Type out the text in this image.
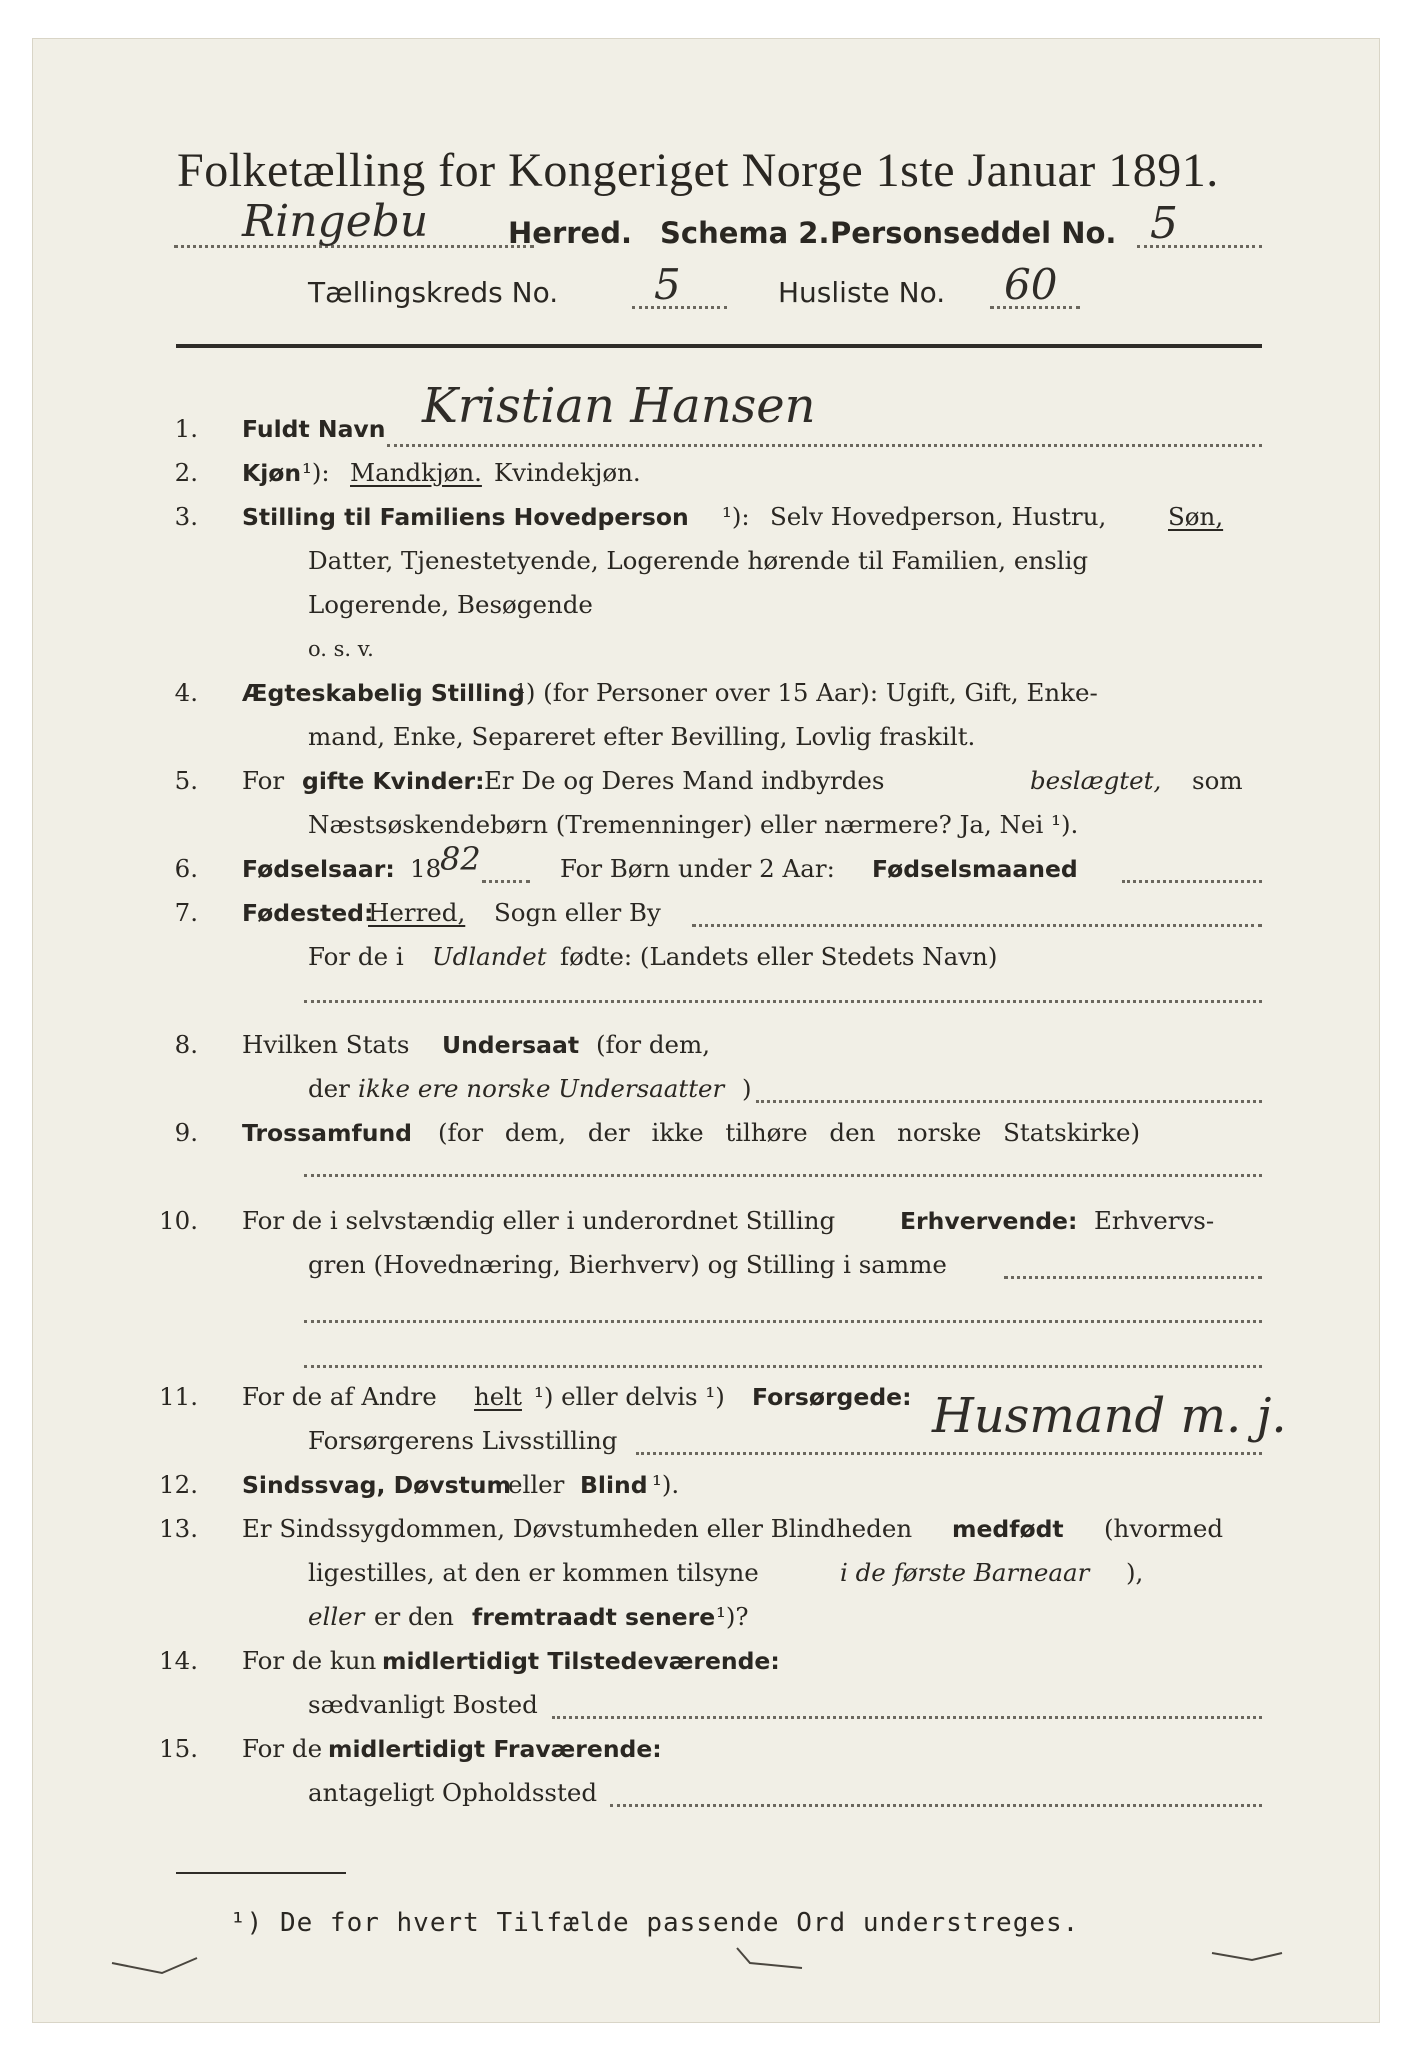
Folketælling for Kongeriget Norge 1ste Januar 1891.
Ringebu	Herred. Schema 2. Personseddel No. 5
Tællingskreds No. 5	Husliste No. 60
1. Fuldt Navn Kristian Hansen
2. Kjøn ¹): Mandkjøn. Kvindekjøn.
3. Stilling til Familiens Hovedperson ¹): Selv Hovedperson, Hustru,	Søn,
Datter, Tjenestetyende, Logerende hørende til Familien, enslig
Logerende, Besøgende
o. s. v.
4. Ægteskabelig Stilling
¹) (for Personer over 15 Aar): Ugift, Gift, Enke-
mand, Enke, Separeret efter Bevilling, Lovlig fraskilt.
5. For gifte Kvinder: Er De og Deres Mand indbyrdes	beslægtet, som
Næstsøskendebørn (Tremenninger) eller nærmere? Ja, Nei ¹).
6. Fødselsaar: 18
82	For Børn under 2 Aar: Fødselsmaaned
7. Fødested:
Herred, Sogn eller By
For de i Udlandet fødte: (Landets eller Stedets Navn)
8. Hvilken Stats Undersaat (for dem,
der ikke ere norske Undersaatter )
9. Trossamfund (for dem, der ikke tilhøre den norske Statskirke)
10. For de i selvstændig eller i underordnet Stilling	Erhvervende: Erhvervs-
gren (Hovednæring, Bierhverv) og Stilling i samme
11. For de af Andre helt ¹) eller delvis ¹) Forsørgede:
Forsørgerens Livsstilling	Husmand m. j.
12. Sindssvag, Døvstum
eller Blind ¹).
13. Er Sindssygdommen, Døvstumheden eller Blindheden medfødt (hvormed
ligestilles, at den er kommen tilsyne	i de første Barneaar ),
eller er den fremtraadt senere ¹)?
14. For de kun midlertidigt Tilstedeværende:
sædvanligt Bosted
15. For de midlertidigt Fraværende:
antageligt Opholdssted
¹) De for hvert Tilfælde passende Ord understreges.
